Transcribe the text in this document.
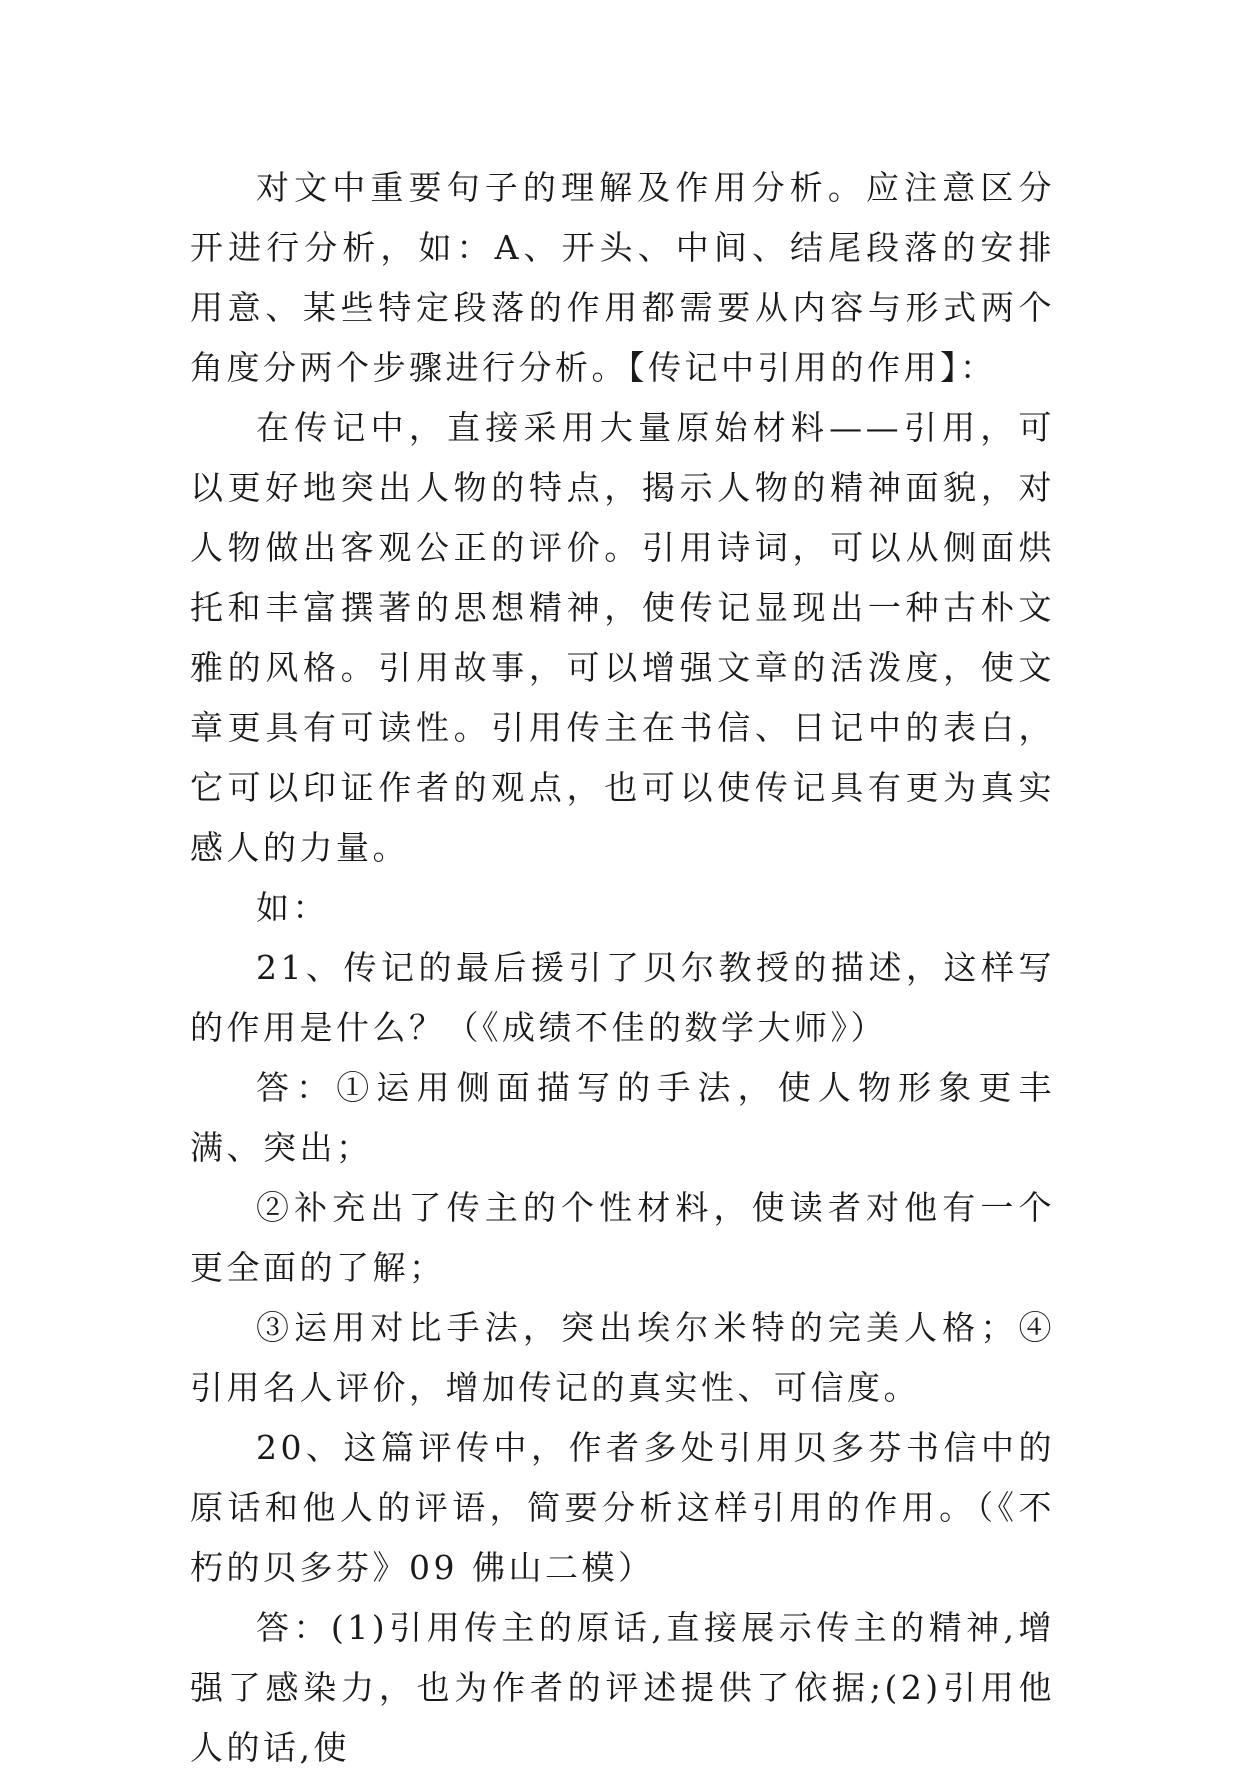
对文中重要句子的理解及作用分析。应注意区分开进行分析，如：A、开头、中间、结尾段落的安排用意、某些特定段落的作用都需要从内容与形式两个角度分两个步骤进行分析。【传记中引用的作用】：

在传记中，直接采用大量原始材料——引用，可以更好地突出人物的特点，揭示人物的精神面貌，对人物做出客观公正的评价。引用诗词，可以从侧面烘托和丰富撰著的思想精神，使传记显现出一种古朴文雅的风格。引用故事，可以增强文章的活泼度，使文章更具有可读性。引用传主在书信、日记中的表白，它可以印证作者的观点，也可以使传记具有更为真实感人的力量。

如：

21、传记的最后援引了贝尔教授的描述，这样写的作用是什么？（《成绩不佳的数学大师》）

答：①运用侧面描写的手法，使人物形象更丰满、突出；

②补充出了传主的个性材料，使读者对他有一个更全面的了解；

③运用对比手法，突出埃尔米特的完美人格；④引用名人评价，增加传记的真实性、可信度。

20、这篇评传中，作者多处引用贝多芬书信中的原话和他人的评语，简要分析这样引用的作用。（《不朽的贝多芬》09 佛山二模）

答：(1)引用传主的原话,直接展示传主的精神,增强了感染力，也为作者的评述提供了依据;(2)引用他人的话,使
